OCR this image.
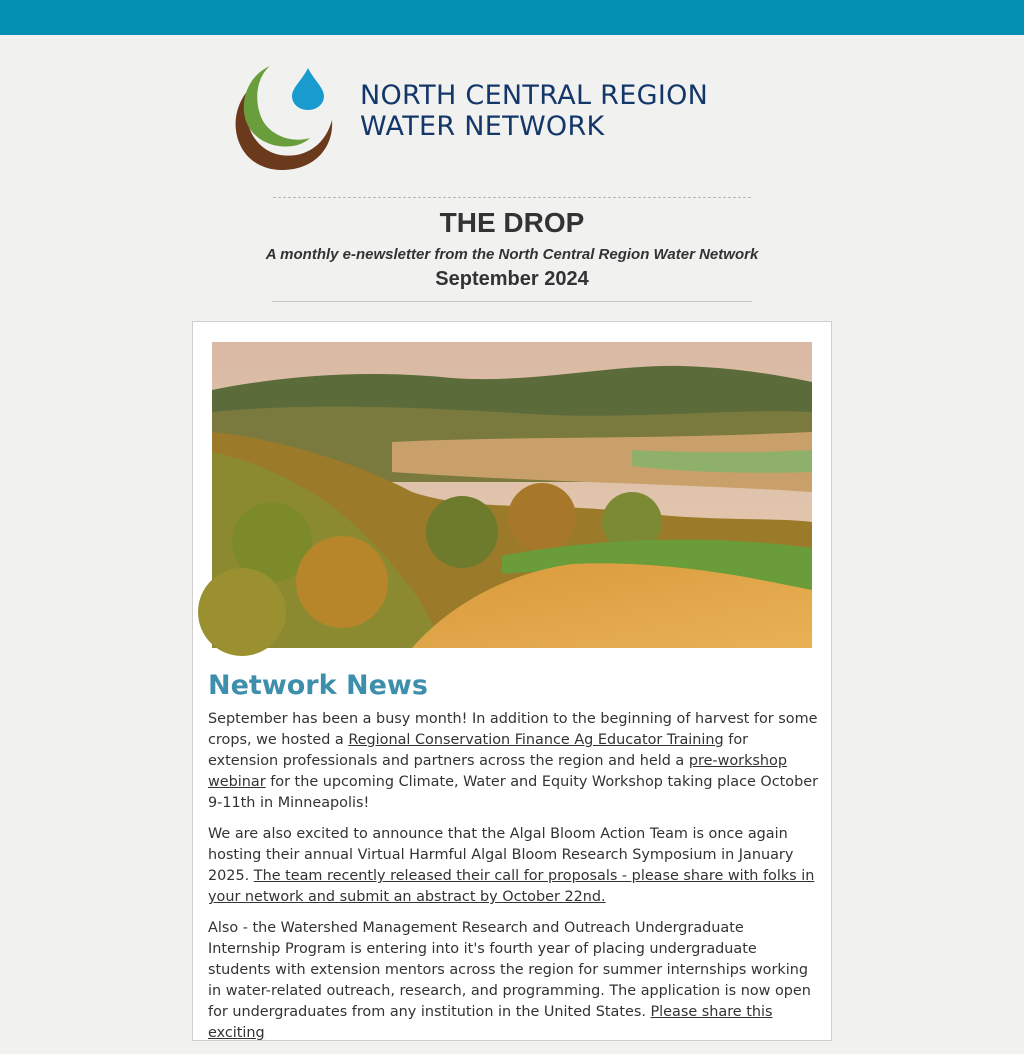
NORTH CENTRAL REGION
WATER NETWORK
THE DROP
A monthly e-newsletter from the North Central Region Water Network
September 2024
Network News

September has been a busy month! In addition to the beginning of harvest for some crops, we hosted a Regional Conservation Finance Ag Educator Training for extension professionals and partners across the region and held a pre-workshop webinar for the upcoming Climate, Water and Equity Workshop taking place October 9-11th in Minneapolis!

We are also excited to announce that the Algal Bloom Action Team is once again hosting their annual Virtual Harmful Algal Bloom Research Symposium in January 2025. The team recently released their call for proposals - please share with folks in your network and submit an abstract by October 22nd.

Also - the Watershed Management Research and Outreach Undergraduate Internship Program is entering into it's fourth year of placing undergraduate students with extension mentors across the region for summer internships working in water-related outreach, research, and programming. The application is now open for undergraduates from any institution in the United States. Please share this exciting
